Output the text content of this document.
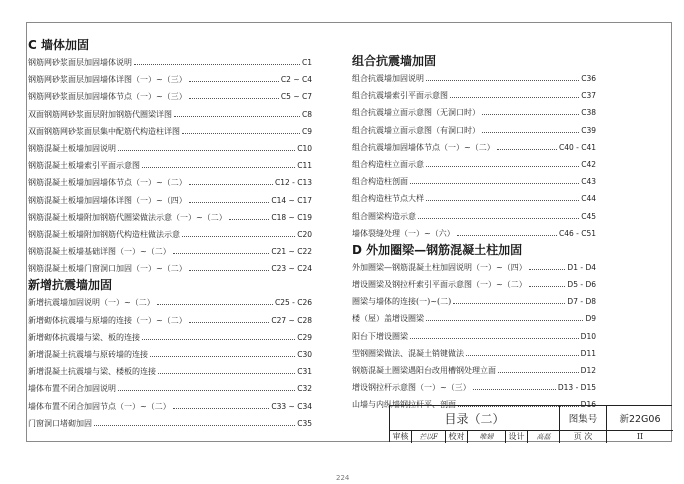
C 墙体加固
钢筋网砂浆面层加固墙体说明	C1
钢筋网砂浆面层加固墙体详图（一）~（三）	C2 ~ C4
钢筋网砂浆面层加固墙体节点（一）~（三）	C5 ~ C7
双面钢筋网砂浆面层附加钢筋代圈梁详图	C8
双面钢筋网砂浆面层集中配筋代构造柱详图	C9
钢筋混凝土板墙加固说明	C10
钢筋混凝土板墙索引平面示意图	C11
钢筋混凝土板墙加固墙体节点（一）~（二）	C12 - C13
钢筋混凝土板墙加固墙体详图（一）~（四）	C14 ~ C17
钢筋混凝土板墙附加钢筋代圈梁做法示意（一）~（二）	C18 ~ C19
钢筋混凝土板墙附加钢筋代构造柱做法示意	C20
钢筋混凝土板墙基础详图（一）~（二）	C21 ~ C22
钢筋混凝土板墙门窗洞口加固（一）~（二）	C23 ~ C24
新增抗震墙加固
新增抗震墙加固说明（一）~（二）	C25 - C26
新增砌体抗震墙与原墙的连接（一）~（二）	C27 ~ C28
新增砌体抗震墙与梁、板的连接	C29
新增混凝土抗震墙与原砖墙的连接	C30
新增混凝土抗震墙与梁、楼板的连接	C31
墙体布置不闭合加固说明	C32
墙体布置不闭合加固节点（一）~（二）	C33 ~ C34
门窗洞口堵砌加固	C35
组合抗震墙加固
组合抗震墙加固说明	C36
组合抗震墙索引平面示意图	C37
组合抗震墙立面示意图（无洞口时）	C38
组合抗震墙立面示意图（有洞口时）	C39
组合抗震墙加固墙体节点（一）~（二）	C40 - C41
组合构造柱立面示意	C42
组合构造柱剖面	C43
组合构造柱节点大样	C44
组合圈梁构造示意	C45
墙体裂缝处理（一）~（六）	C46 - C51
D 外加圈梁—钢筋混凝土柱加固
外加圈梁—钢筋混凝土柱加固说明（一）~（四）	D1 - D4
增设圈梁及钢拉杆索引平面示意图（一）~（二）	D5 - D6
圈梁与墙体的连接(一)~(二)	D7 - D8
楼（屋）盖增设圈梁	D9
阳台下增设圈梁	D10
型钢圈梁做法、混凝土销键做法	D11
钢筋混凝土圈梁遇阳台改用槽钢处理立面	D12
增设钢拉杆示意图（一）~（三）	D13 - D15
山墙与内纵墙钢拉杆平、剖面	D16
目录（二）	图集号	新22G06
审核	芒以F	校对	唯婦	设计	高磊	页 次	II
224
